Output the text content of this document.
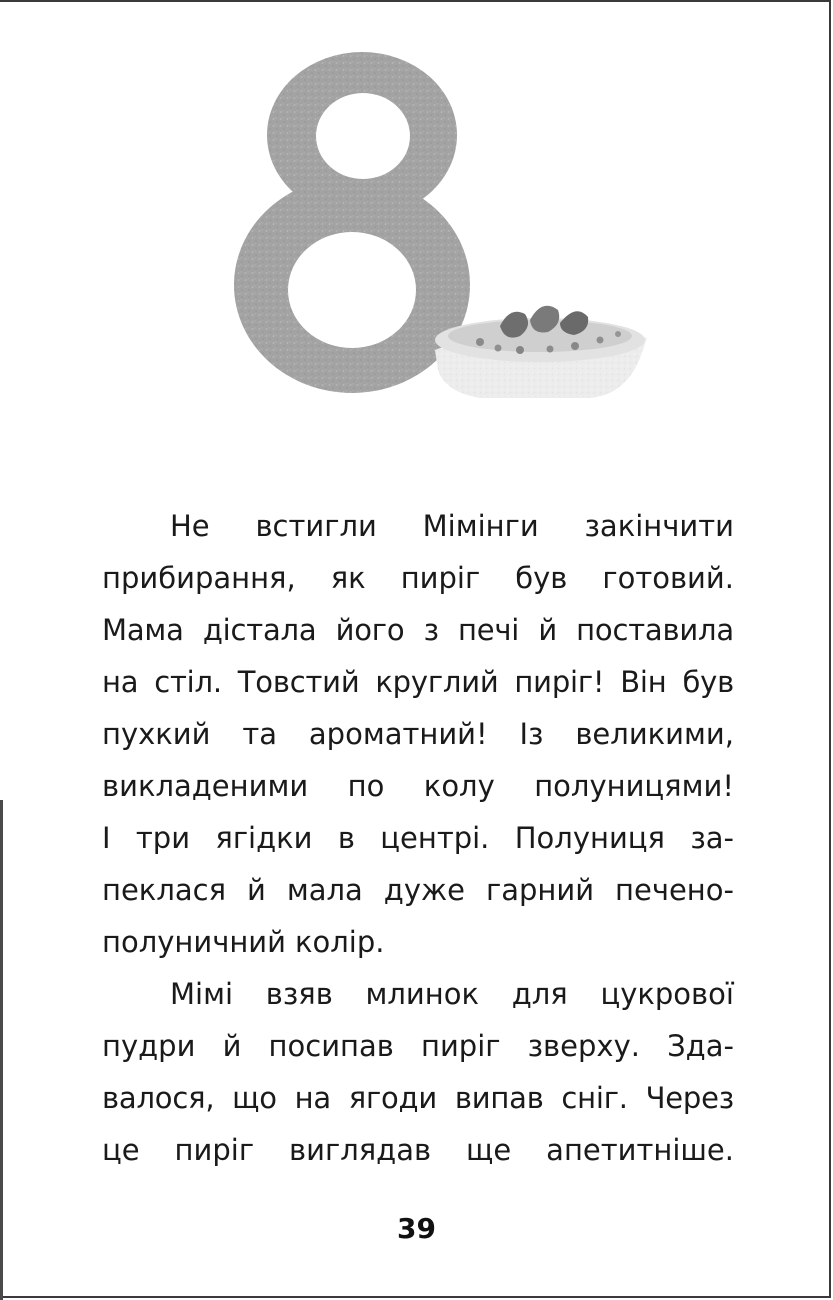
Не встигли Мімінги закінчити
прибирання, як пиріг був готовий.
Мама дістала його з печі й поставила
на стіл. Товстий круглий пиріг! Він був
пухкий та ароматний! Із великими,
викладеними по колу полуницями!
І три ягідки в центрі. Полуниця за-
пеклася й мала дуже гарний печено-
полуничний колір.
Мімі взяв млинок для цукрової
пудри й посипав пиріг зверху. Зда-
валося, що на ягоди випав сніг. Через
це пиріг виглядав ще апетитніше.
39
